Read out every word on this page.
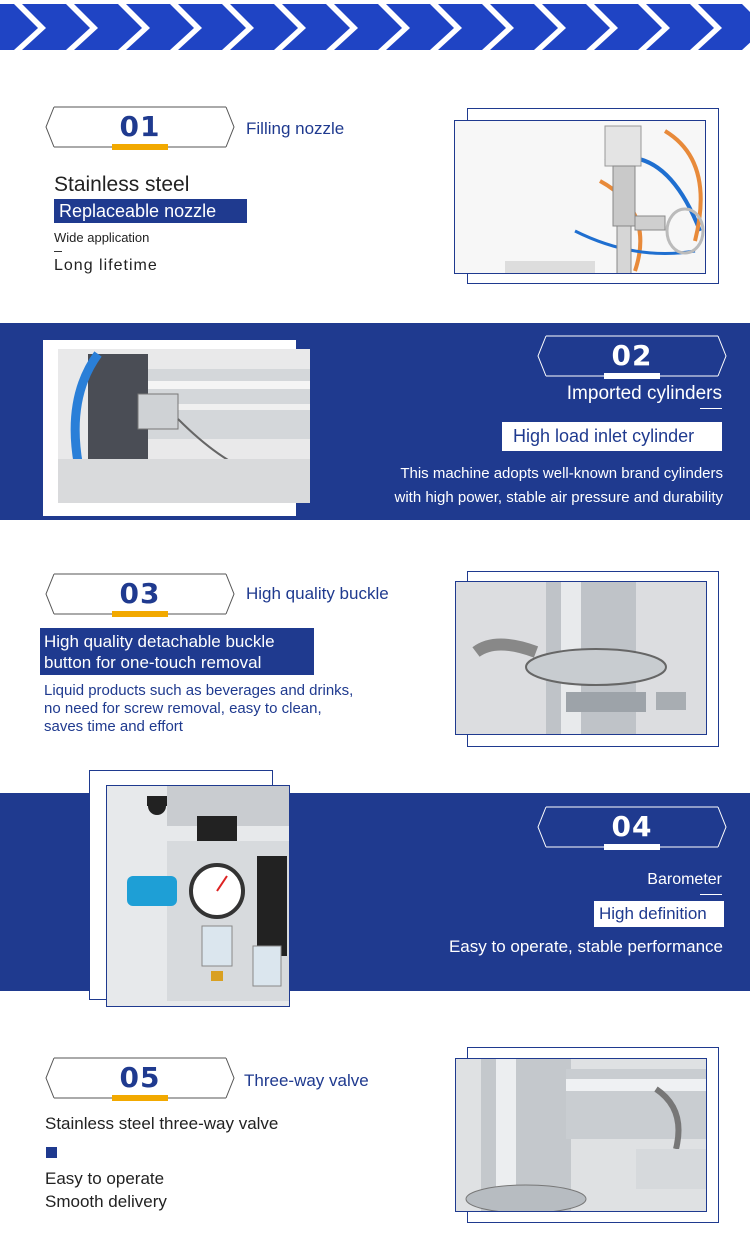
01	Filling nozzle
Stainless steel
Replaceable nozzle
Wide application
Long lifetime
02
Imported cylinders
High load inlet cylinder
This machine adopts well-known brand cylinders
with high power, stable air pressure and durability
03	High quality buckle
High quality detachable buckle
button for one-touch removal
Liquid products such as beverages and drinks,
no need for screw removal, easy to clean,
saves time and effort
04
Barometer
High definition
Easy to operate, stable performance
05	Three-way valve
Stainless steel three-way valve
Easy to operate
Smooth delivery
